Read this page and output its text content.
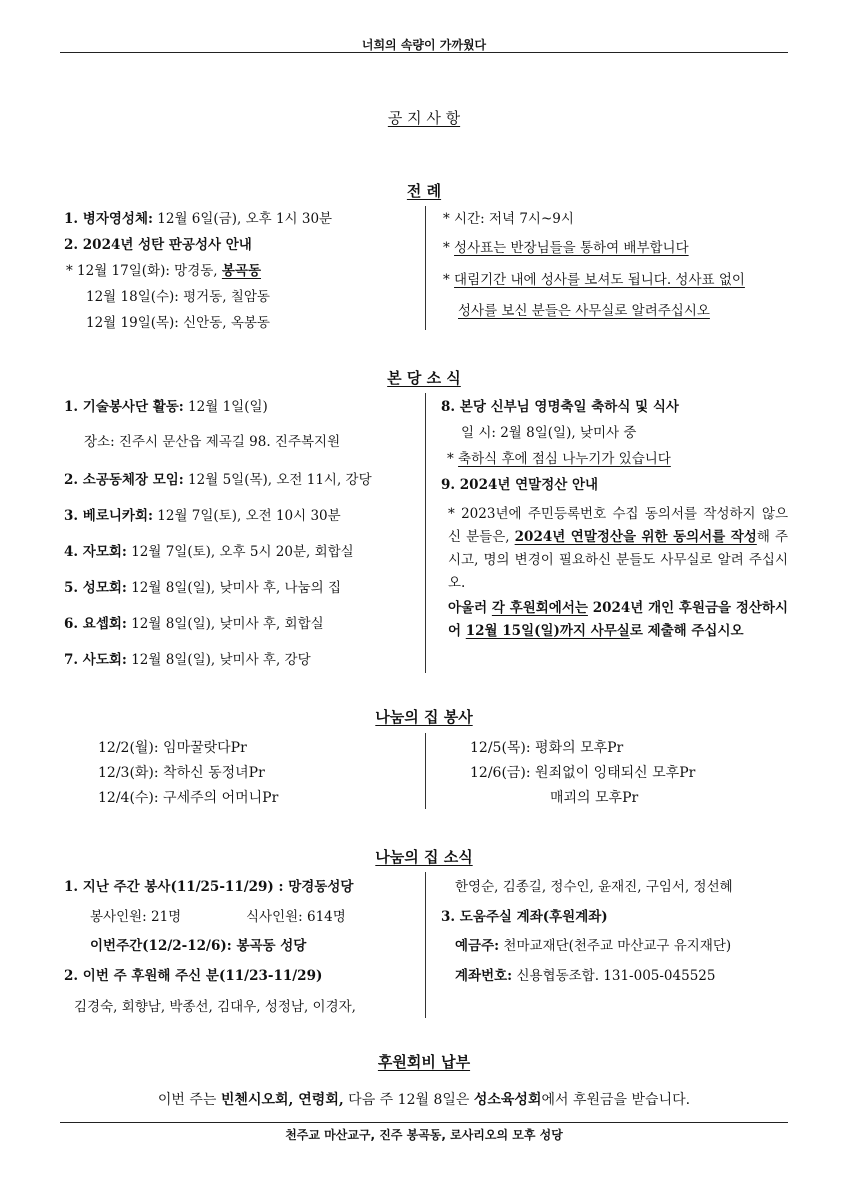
너희의 속량이 가까웠다
공 지 사 항
전 례
1. 병자영성체: 12월 6일(금), 오후 1시 30분
2. 2024년 성탄 판공성사 안내
* 12월 17일(화): 망경동, 봉곡동
12월 18일(수): 평거동, 칠암동
12월 19일(목): 신안동, 옥봉동
* 시간: 저녁 7시~9시
* 성사표는 반장님들을 통하여 배부합니다
* 대림기간 내에 성사를 보셔도 됩니다. 성사표 없이
성사를 보신 분들은 사무실로 알려주십시오
본 당 소 식
1. 기술봉사단 활동: 12월 1일(일)
장소: 진주시 문산읍 제곡길 98. 진주복지원
2. 소공동체장 모임: 12월 5일(목), 오전 11시, 강당
3. 베로니카회: 12월 7일(토), 오전 10시 30분
4. 자모회: 12월 7일(토), 오후 5시 20분, 회합실
5. 성모회: 12월 8일(일), 낮미사 후, 나눔의 집
6. 요셉회: 12월 8일(일), 낮미사 후, 회합실
7. 사도회: 12월 8일(일), 낮미사 후, 강당
8. 본당 신부님 영명축일 축하식 및 식사
일 시: 2월 8일(일), 낮미사 중
* 축하식 후에 점심 나누기가 있습니다
9. 2024년 연말정산 안내
* 2023년에 주민등록번호 수집 동의서를 작성하지 않으신 분들은, 2024년 연말정산을 위한 동의서를 작성해 주시고, 명의 변경이 필요하신 분들도 사무실로 알려 주십시오.
아울러 각 후원회에서는 2024년 개인 후원금을 정산하시어 12월 15일(일)까지 사무실로 제출해 주십시오
나눔의 집 봉사
12/2(월): 임마꿀랏다Pr
12/3(화): 착하신 동정녀Pr
12/4(수): 구세주의 어머니Pr
12/5(목): 평화의 모후Pr
12/6(금): 원죄없이 잉태되신 모후Pr
매괴의 모후Pr
나눔의 집 소식
1. 지난 주간 봉사(11/25-11/29) : 망경동성당
봉사인원: 21명	식사인원: 614명
이번주간(12/2-12/6): 봉곡동 성당
2. 이번 주 후원해 주신 분(11/23-11/29)
김경숙, 회향남, 박종선, 김대우, 성정남, 이경자,
한영순, 김종길, 정수인, 윤재진, 구임서, 정선혜
3. 도움주실 계좌(후원계좌)
예금주: 천마교재단(천주교 마산교구 유지재단)
계좌번호: 신용협동조합. 131-005-045525
후원회비 납부
이번 주는 빈첸시오회, 연령회, 다음 주 12월 8일은 성소육성회에서 후원금을 받습니다.
천주교 마산교구, 진주 봉곡동, 로사리오의 모후 성당
